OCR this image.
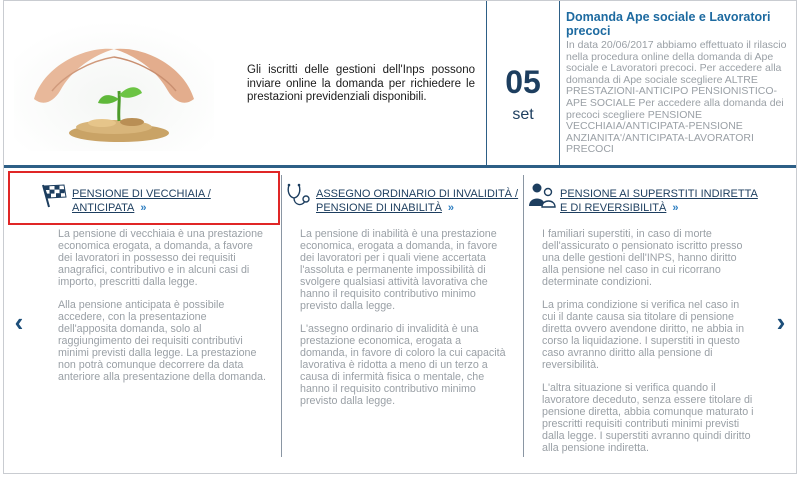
Gli iscritti delle gestioni dell'Inps possono inviare online la domanda per richiedere le prestazioni previdenziali disponibili.	05
set
Domanda Ape sociale e Lavoratori precoci
In data 20/06/2017 abbiamo effettuato il rilascio nella procedura online della domanda di Ape sociale e Lavoratori precoci. Per accedere alla domanda di Ape sociale scegliere ALTRE PRESTAZIONI-ANTICIPO PENSIONISTICO-APE SOCIALE Per accedere alla domanda dei precoci scegliere PENSIONE VECCHIAIA/ANTICIPATA-PENSIONE ANZIANITA'/ANTICIPATA-LAVORATORI PRECOCI
‹	›
PENSIONE DI VECCHIAIA /
ANTICIPATA »

La pensione di vecchiaia è una prestazione economica erogata, a domanda, a favore dei lavoratori in possesso dei requisiti anagrafici, contributivo e in alcuni casi di importo, prescritti dalla legge.

Alla pensione anticipata è possibile accedere, con la presentazione dell'apposita domanda, solo al raggiungimento dei requisiti contributivi minimi previsti dalla legge. La prestazione non potrà comunque decorrere da data anteriore alla presentazione della domanda.

ASSEGNO ORDINARIO DI INVALIDITÀ /
PENSIONE DI INABILITÀ »

La pensione di inabilità è una prestazione economica, erogata a domanda, in favore dei lavoratori per i quali viene accertata l'assoluta e permanente impossibilità di svolgere qualsiasi attività lavorativa che hanno il requisito contributivo minimo previsto dalla legge.

L'assegno ordinario di invalidità è una prestazione economica, erogata a domanda, in favore di coloro la cui capacità lavorativa è ridotta a meno di un terzo a causa di infermità fisica o mentale, che hanno il requisito contributivo minimo previsto dalla legge.

PENSIONE AI SUPERSTITI INDIRETTA
E DI REVERSIBILITÀ »

I familiari superstiti, in caso di morte dell'assicurato o pensionato iscritto presso una delle gestioni dell'INPS, hanno diritto alla pensione nel caso in cui ricorrano determinate condizioni.

La prima condizione si verifica nel caso in cui il dante causa sia titolare di pensione diretta ovvero avendone diritto, ne abbia in corso la liquidazione. I superstiti in questo caso avranno diritto alla pensione di reversibilità.

L'altra situazione si verifica quando il lavoratore deceduto, senza essere titolare di pensione diretta, abbia comunque maturato i prescritti requisiti contributi minimi previsti dalla legge. I superstiti avranno quindi diritto alla pensione indiretta.
